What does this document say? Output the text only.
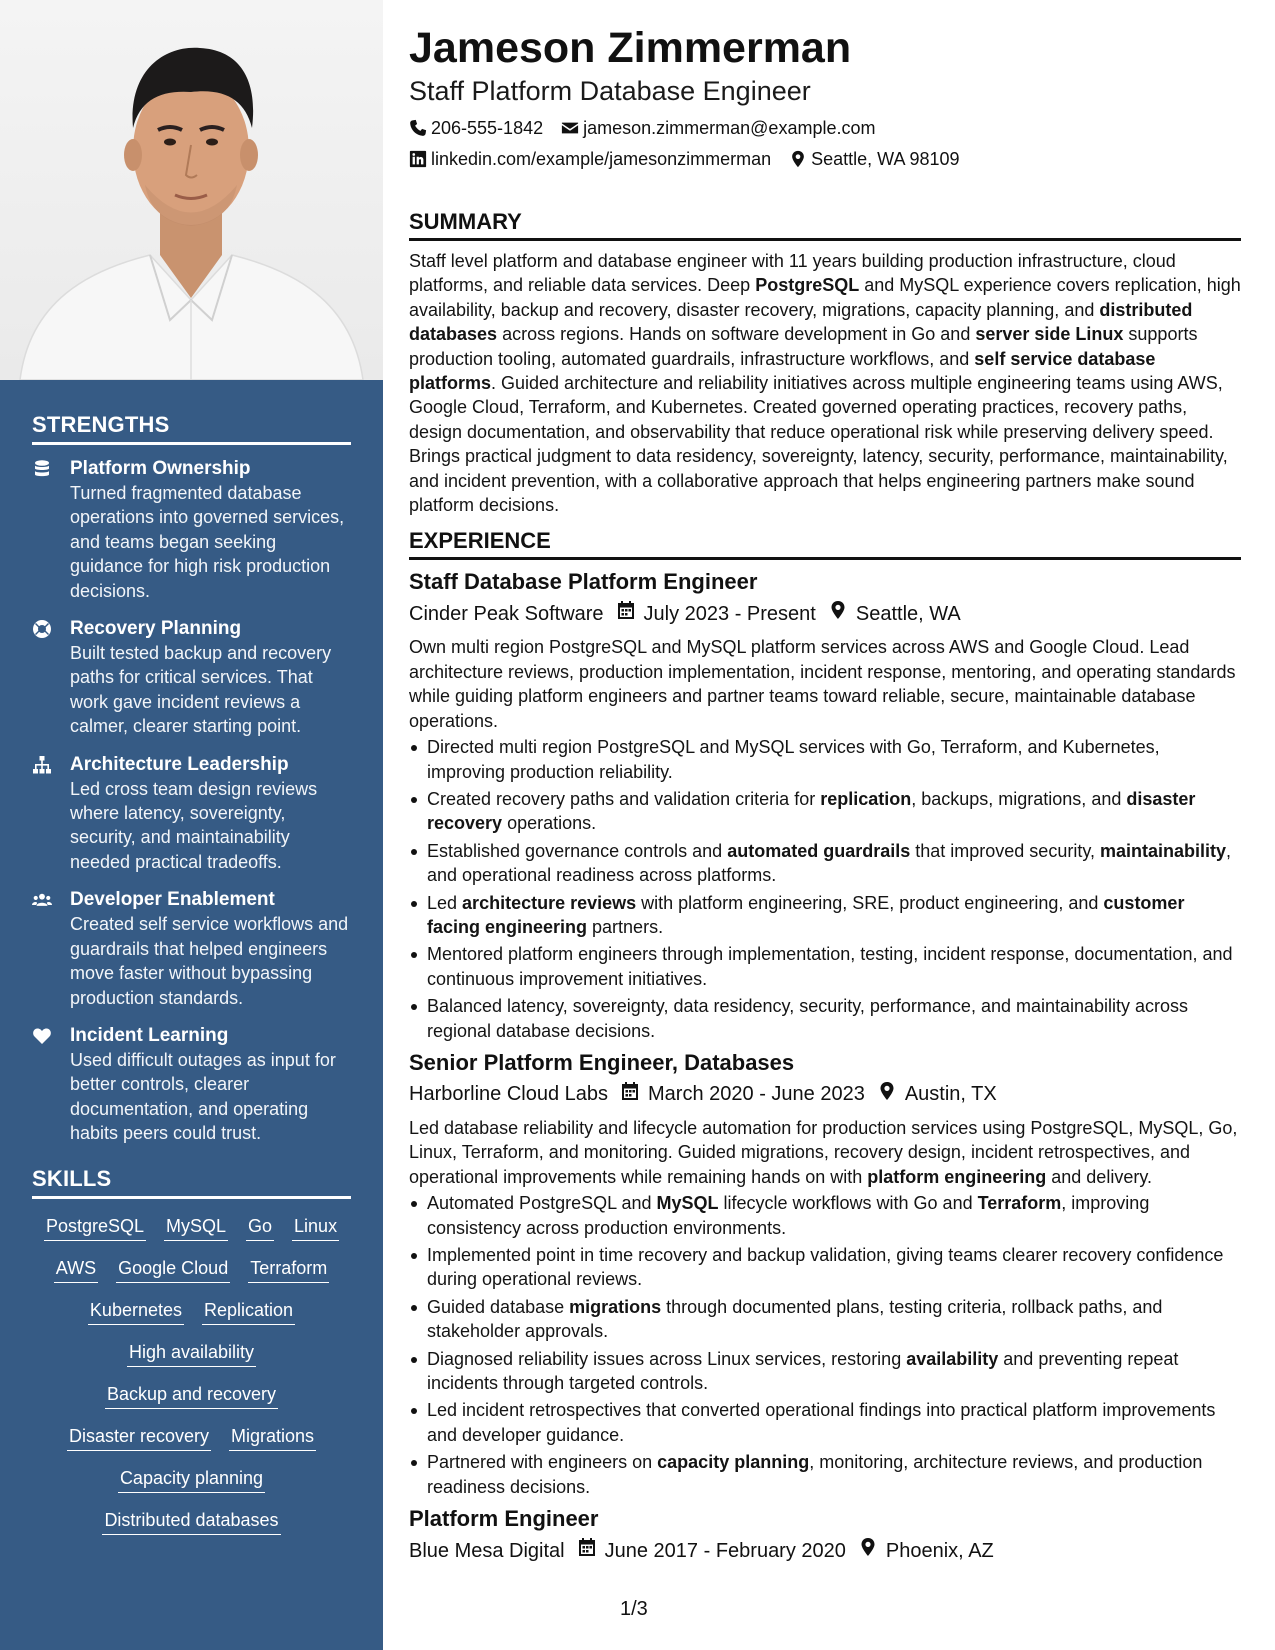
STRENGTHS
Platform Ownership
Turned fragmented database operations into governed services, and teams began seeking guidance for high risk production decisions.
Recovery Planning
Built tested backup and recovery paths for critical services. That work gave incident reviews a calmer, clearer starting point.
Architecture Leadership
Led cross team design reviews where latency, sovereignty, security, and maintainability needed practical tradeoffs.
Developer Enablement
Created self service workflows and guardrails that helped engineers move faster without bypassing production standards.
Incident Learning
Used difficult outages as input for better controls, clearer documentation, and operating habits peers could trust.
SKILLS
PostgreSQL MySQL Go Linux
AWS Google Cloud Terraform
Kubernetes Replication
High availability
Backup and recovery
Disaster recovery Migrations
Capacity planning
Distributed databases
Jameson Zimmerman
Staff Platform Database Engineer
206-555-1842 jameson.zimmerman@example.com
linkedin.com/example/jamesonzimmerman Seattle, WA 98109
SUMMARY
Staff level platform and database engineer with 11 years building production infrastructure, cloud platforms, and reliable data services. Deep PostgreSQL and MySQL experience covers replication, high availability, backup and recovery, disaster recovery, migrations, capacity planning, and distributed databases across regions. Hands on software development in Go and server side Linux supports production tooling, automated guardrails, infrastructure workflows, and self service database platforms. Guided architecture and reliability initiatives across multiple engineering teams using AWS, Google Cloud, Terraform, and Kubernetes. Created governed operating practices, recovery paths, design documentation, and observability that reduce operational risk while preserving delivery speed. Brings practical judgment to data residency, sovereignty, latency, security, performance, maintainability, and incident prevention, with a collaborative approach that helps engineering partners make sound platform decisions.
EXPERIENCE
Staff Database Platform Engineer
Cinder Peak Software July 2023 - Present Seattle, WA
Own multi region PostgreSQL and MySQL platform services across AWS and Google Cloud. Lead architecture reviews, production implementation, incident response, mentoring, and operating standards while guiding platform engineers and partner teams toward reliable, secure, maintainable database operations.
Directed multi region PostgreSQL and MySQL services with Go, Terraform, and Kubernetes, improving production reliability.
Created recovery paths and validation criteria for replication, backups, migrations, and disaster recovery operations.
Established governance controls and automated guardrails that improved security, maintainability, and operational readiness across platforms.
Led architecture reviews with platform engineering, SRE, product engineering, and customer facing engineering partners.
Mentored platform engineers through implementation, testing, incident response, documentation, and continuous improvement initiatives.
Balanced latency, sovereignty, data residency, security, performance, and maintainability across regional database decisions.
Senior Platform Engineer, Databases
Harborline Cloud Labs March 2020 - June 2023 Austin, TX
Led database reliability and lifecycle automation for production services using PostgreSQL, MySQL, Go, Linux, Terraform, and monitoring. Guided migrations, recovery design, incident retrospectives, and operational improvements while remaining hands on with platform engineering and delivery.
Automated PostgreSQL and MySQL lifecycle workflows with Go and Terraform, improving consistency across production environments.
Implemented point in time recovery and backup validation, giving teams clearer recovery confidence during operational reviews.
Guided database migrations through documented plans, testing criteria, rollback paths, and stakeholder approvals.
Diagnosed reliability issues across Linux services, restoring availability and preventing repeat incidents through targeted controls.
Led incident retrospectives that converted operational findings into practical platform improvements and developer guidance.
Partnered with engineers on capacity planning, monitoring, architecture reviews, and production readiness decisions.
Platform Engineer
Blue Mesa Digital June 2017 - February 2020 Phoenix, AZ
1/3
